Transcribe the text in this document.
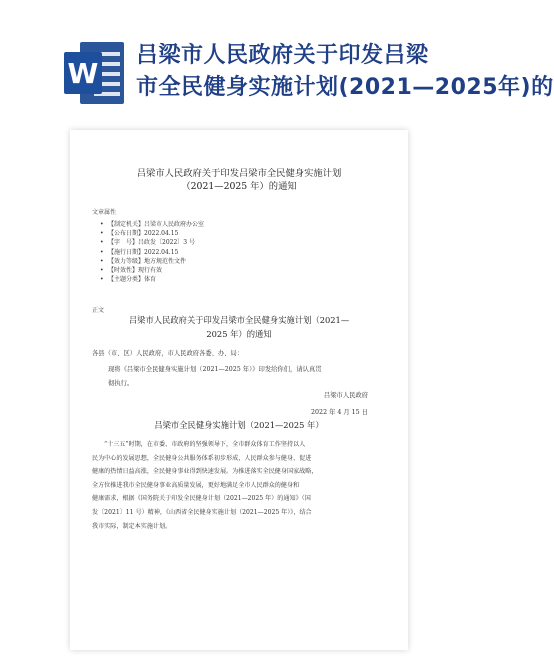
W
吕梁市人民政府关于印发吕梁
市全民健身实施计划(2021—2025年)的
吕梁市人民政府关于印发吕梁市全民健身实施计划
（2021—2025 年）的通知
文章属性
• 【制定机关】吕梁市人民政府办公室
• 【公布日期】2022.04.15
• 【字　号】吕政发〔2022〕3 号
• 【施行日期】2022.04.15
• 【效力等级】地方规范性文件
• 【时效性】现行有效
• 【主题分类】体育
正文
吕梁市人民政府关于印发吕梁市全民健身实施计划（2021—
2025 年）的通知
各县（市、区）人民政府，市人民政府各委、办、局：
现将《吕梁市全民健身实施计划（2021—2025 年）》印发给你们，请认真贯
彻执行。
吕梁市人民政府
2022 年 4 月 15 日
吕梁市全民健身实施计划（2021—2025 年）
“十三五”时期，在市委、市政府的坚强领导下，全市群众体育工作坚持以人
民为中心的发展思想，全民健身公共服务体系初步形成，人民群众参与健身、促进
健康的热情日益高涨，全民健身事业得到快速发展。为推进落实全民健身国家战略，
全方位推进我市全民健身事业高质量发展，更好地满足全市人民群众的健身和
健康需求，根据《国务院关于印发全民健身计划（2021—2025 年）的通知》（国
发〔2021〕11 号）精神，《山西省全民健身实施计划（2021—2025 年）》，结合
我市实际，制定本实施计划。
